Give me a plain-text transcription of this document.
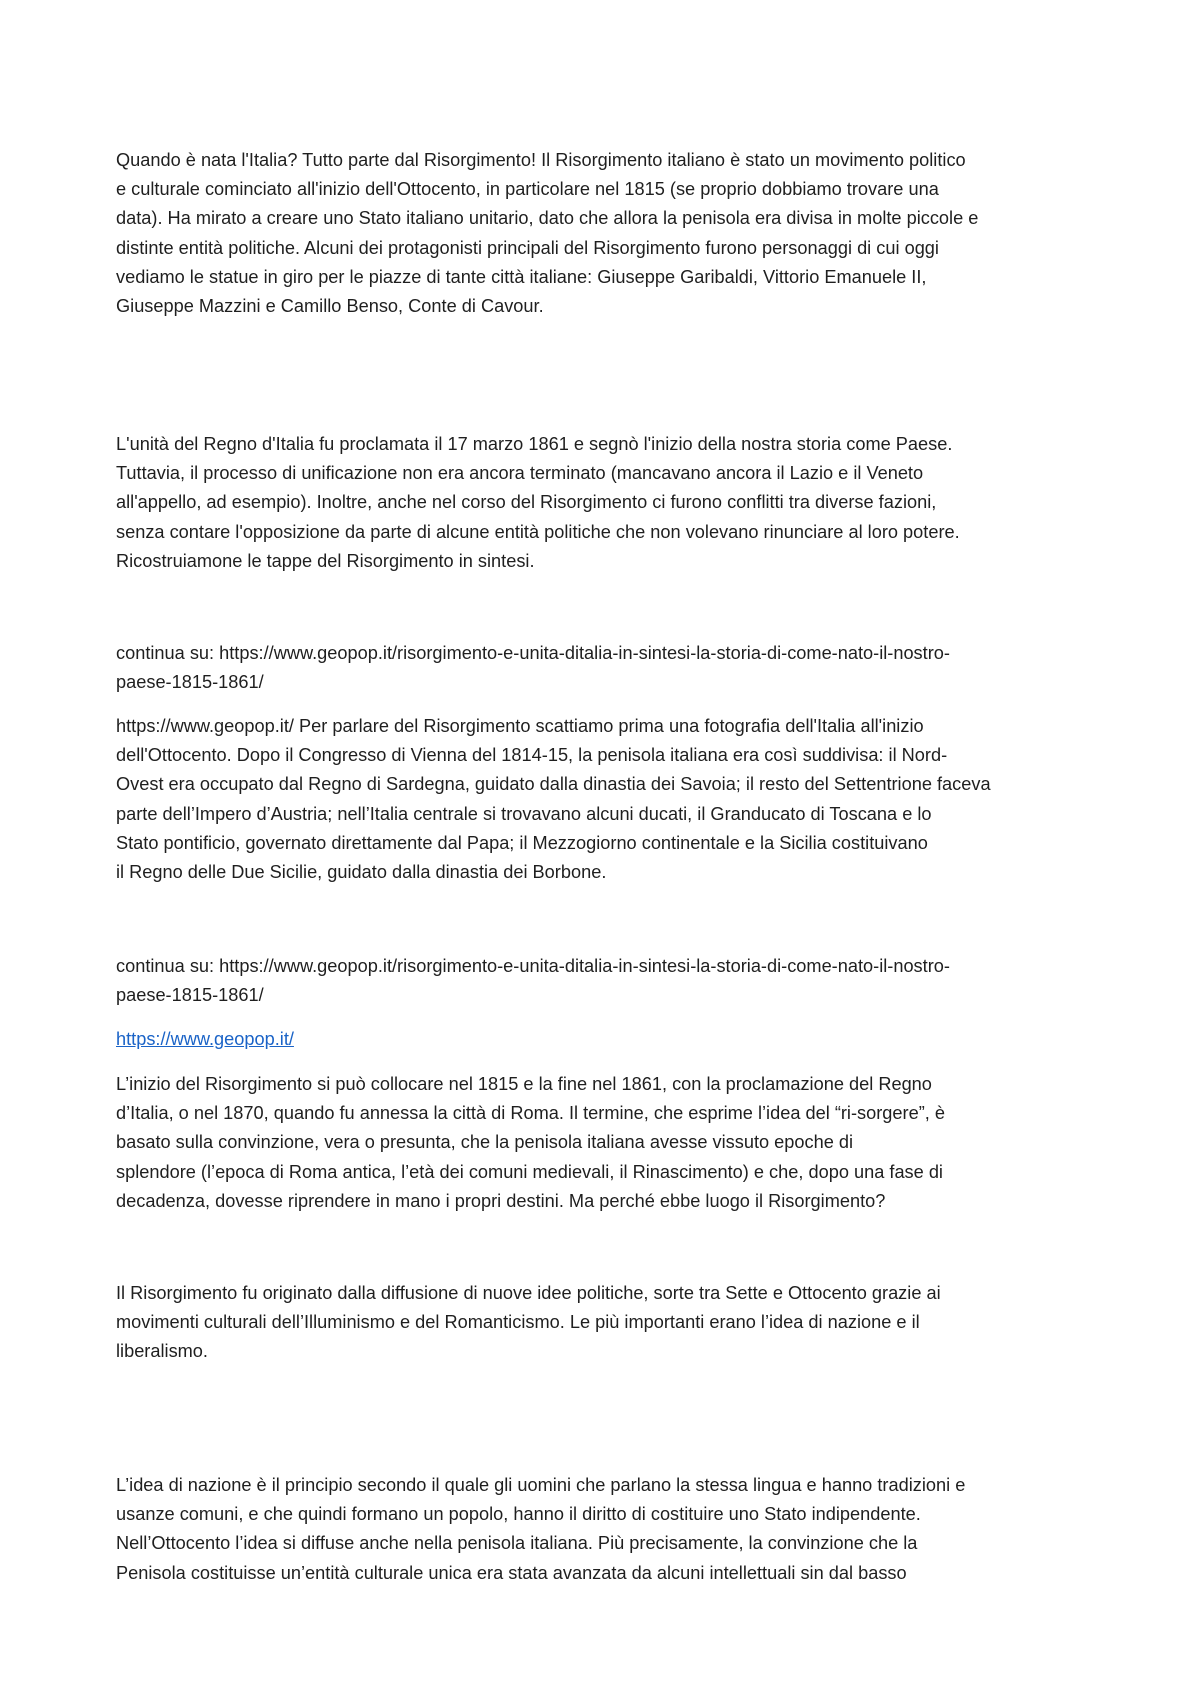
Quando è nata l'Italia? Tutto parte dal Risorgimento! Il Risorgimento italiano è stato un movimento politico
e culturale cominciato all'inizio dell'Ottocento, in particolare nel 1815 (se proprio dobbiamo trovare una
data). Ha mirato a creare uno Stato italiano unitario, dato che allora la penisola era divisa in molte piccole e
distinte entità politiche. Alcuni dei protagonisti principali del Risorgimento furono personaggi di cui oggi
vediamo le statue in giro per le piazze di tante città italiane: Giuseppe Garibaldi, Vittorio Emanuele II,
Giuseppe Mazzini e Camillo Benso, Conte di Cavour.

L'unità del Regno d'Italia fu proclamata il 17 marzo 1861 e segnò l'inizio della nostra storia come Paese.
Tuttavia, il processo di unificazione non era ancora terminato (mancavano ancora il Lazio e il Veneto
all'appello, ad esempio). Inoltre, anche nel corso del Risorgimento ci furono conflitti tra diverse fazioni,
senza contare l'opposizione da parte di alcune entità politiche che non volevano rinunciare al loro potere.
Ricostruiamone le tappe del Risorgimento in sintesi.

continua su: https://www.geopop.it/risorgimento-e-unita-ditalia-in-sintesi-la-storia-di-come-nato-il-nostro-
paese-1815-1861/

https://www.geopop.it/ Per parlare del Risorgimento scattiamo prima una fotografia dell'Italia all'inizio
dell'Ottocento. Dopo il Congresso di Vienna del 1814-15, la penisola italiana era così suddivisa: il Nord-
Ovest era occupato dal Regno di Sardegna, guidato dalla dinastia dei Savoia; il resto del Settentrione faceva
parte dell’Impero d’Austria; nell’Italia centrale si trovavano alcuni ducati, il Granducato di Toscana e lo
Stato pontificio, governato direttamente dal Papa; il Mezzogiorno continentale e la Sicilia costituivano
il Regno delle Due Sicilie, guidato dalla dinastia dei Borbone.

continua su: https://www.geopop.it/risorgimento-e-unita-ditalia-in-sintesi-la-storia-di-come-nato-il-nostro-
paese-1815-1861/

https://www.geopop.it/

L’inizio del Risorgimento si può collocare nel 1815 e la fine nel 1861, con la proclamazione del Regno
d’Italia, o nel 1870, quando fu annessa la città di Roma. Il termine, che esprime l’idea del “ri-sorgere”, è
basato sulla convinzione, vera o presunta, che la penisola italiana avesse vissuto epoche di
splendore (l’epoca di Roma antica, l’età dei comuni medievali, il Rinascimento) e che, dopo una fase di
decadenza, dovesse riprendere in mano i propri destini. Ma perché ebbe luogo il Risorgimento?

Il Risorgimento fu originato dalla diffusione di nuove idee politiche, sorte tra Sette e Ottocento grazie ai
movimenti culturali dell’Illuminismo e del Romanticismo. Le più importanti erano l’idea di nazione e il
liberalismo.

L’idea di nazione è il principio secondo il quale gli uomini che parlano la stessa lingua e hanno tradizioni e
usanze comuni, e che quindi formano un popolo, hanno il diritto di costituire uno Stato indipendente.
Nell’Ottocento l’idea si diffuse anche nella penisola italiana. Più precisamente, la convinzione che la
Penisola costituisse un’entità culturale unica era stata avanzata da alcuni intellettuali sin dal basso
